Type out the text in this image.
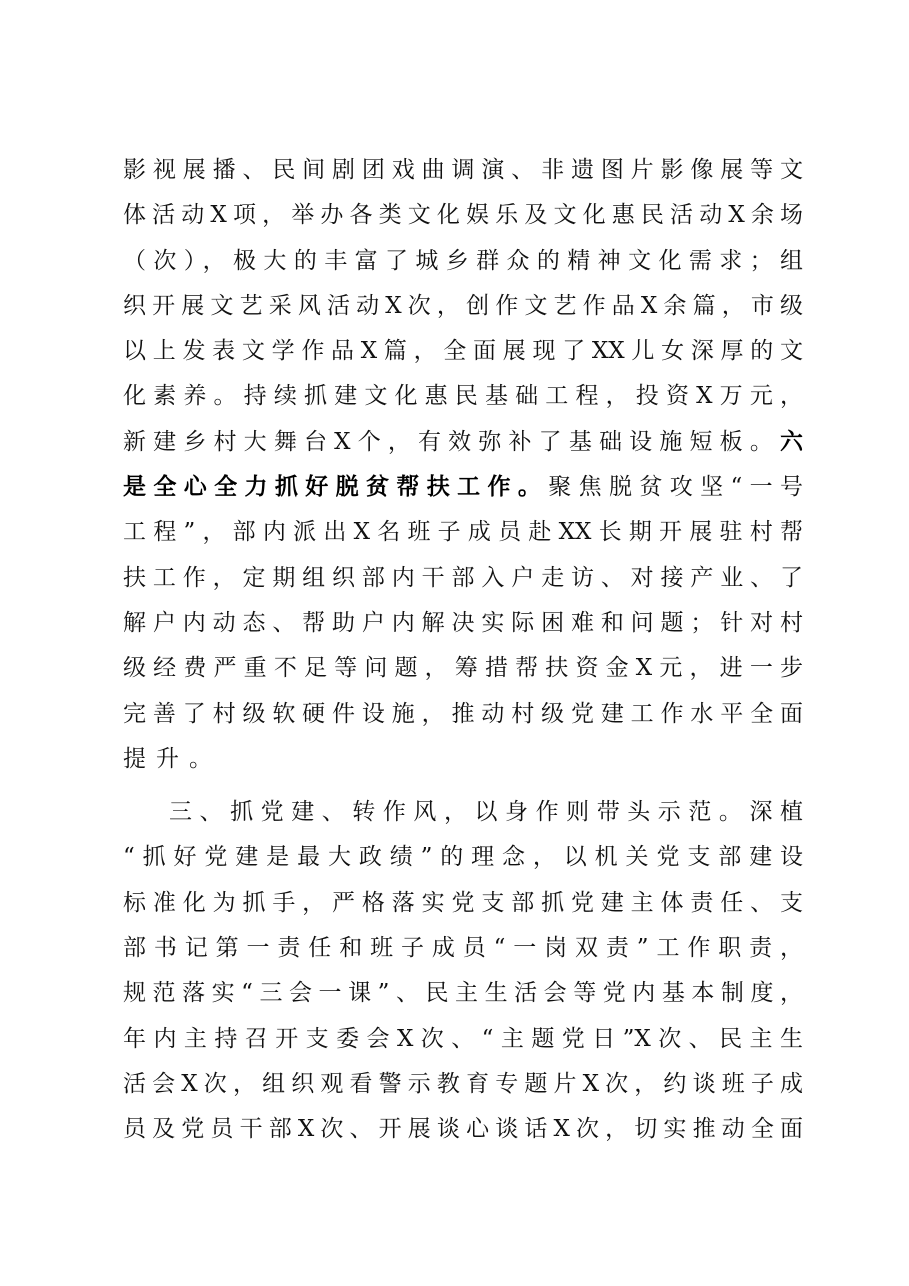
影视展播、民间剧团戏曲调演、非遗图片影像展等文
体活动X项，举办各类文化娱乐及文化惠民活动X余场
（次），极大的丰富了城乡群众的精神文化需求；组
织开展文艺采风活动X次，创作文艺作品X余篇，市级
以上发表文学作品X篇，全面展现了XX儿女深厚的文
化素养。持续抓建文化惠民基础工程，投资X万元，
新建乡村大舞台X个，有效弥补了基础设施短板。六
是全心全力抓好脱贫帮扶工作。聚焦脱贫攻坚“一号
工程”，部内派出X名班子成员赴XX长期开展驻村帮
扶工作，定期组织部内干部入户走访、对接产业、了
解户内动态、帮助户内解决实际困难和问题；针对村
级经费严重不足等问题，筹措帮扶资金X元，进一步
完善了村级软硬件设施，推动村级党建工作水平全面
提升。
三、抓党建、转作风，以身作则带头示范。深植
“抓好党建是最大政绩”的理念，以机关党支部建设
标准化为抓手，严格落实党支部抓党建主体责任、支
部书记第一责任和班子成员“一岗双责”工作职责，
规范落实“三会一课”、民主生活会等党内基本制度，
年内主持召开支委会X次、“主题党日”X次、民主生
活会X次，组织观看警示教育专题片X次，约谈班子成
员及党员干部X次、开展谈心谈话X次，切实推动全面
